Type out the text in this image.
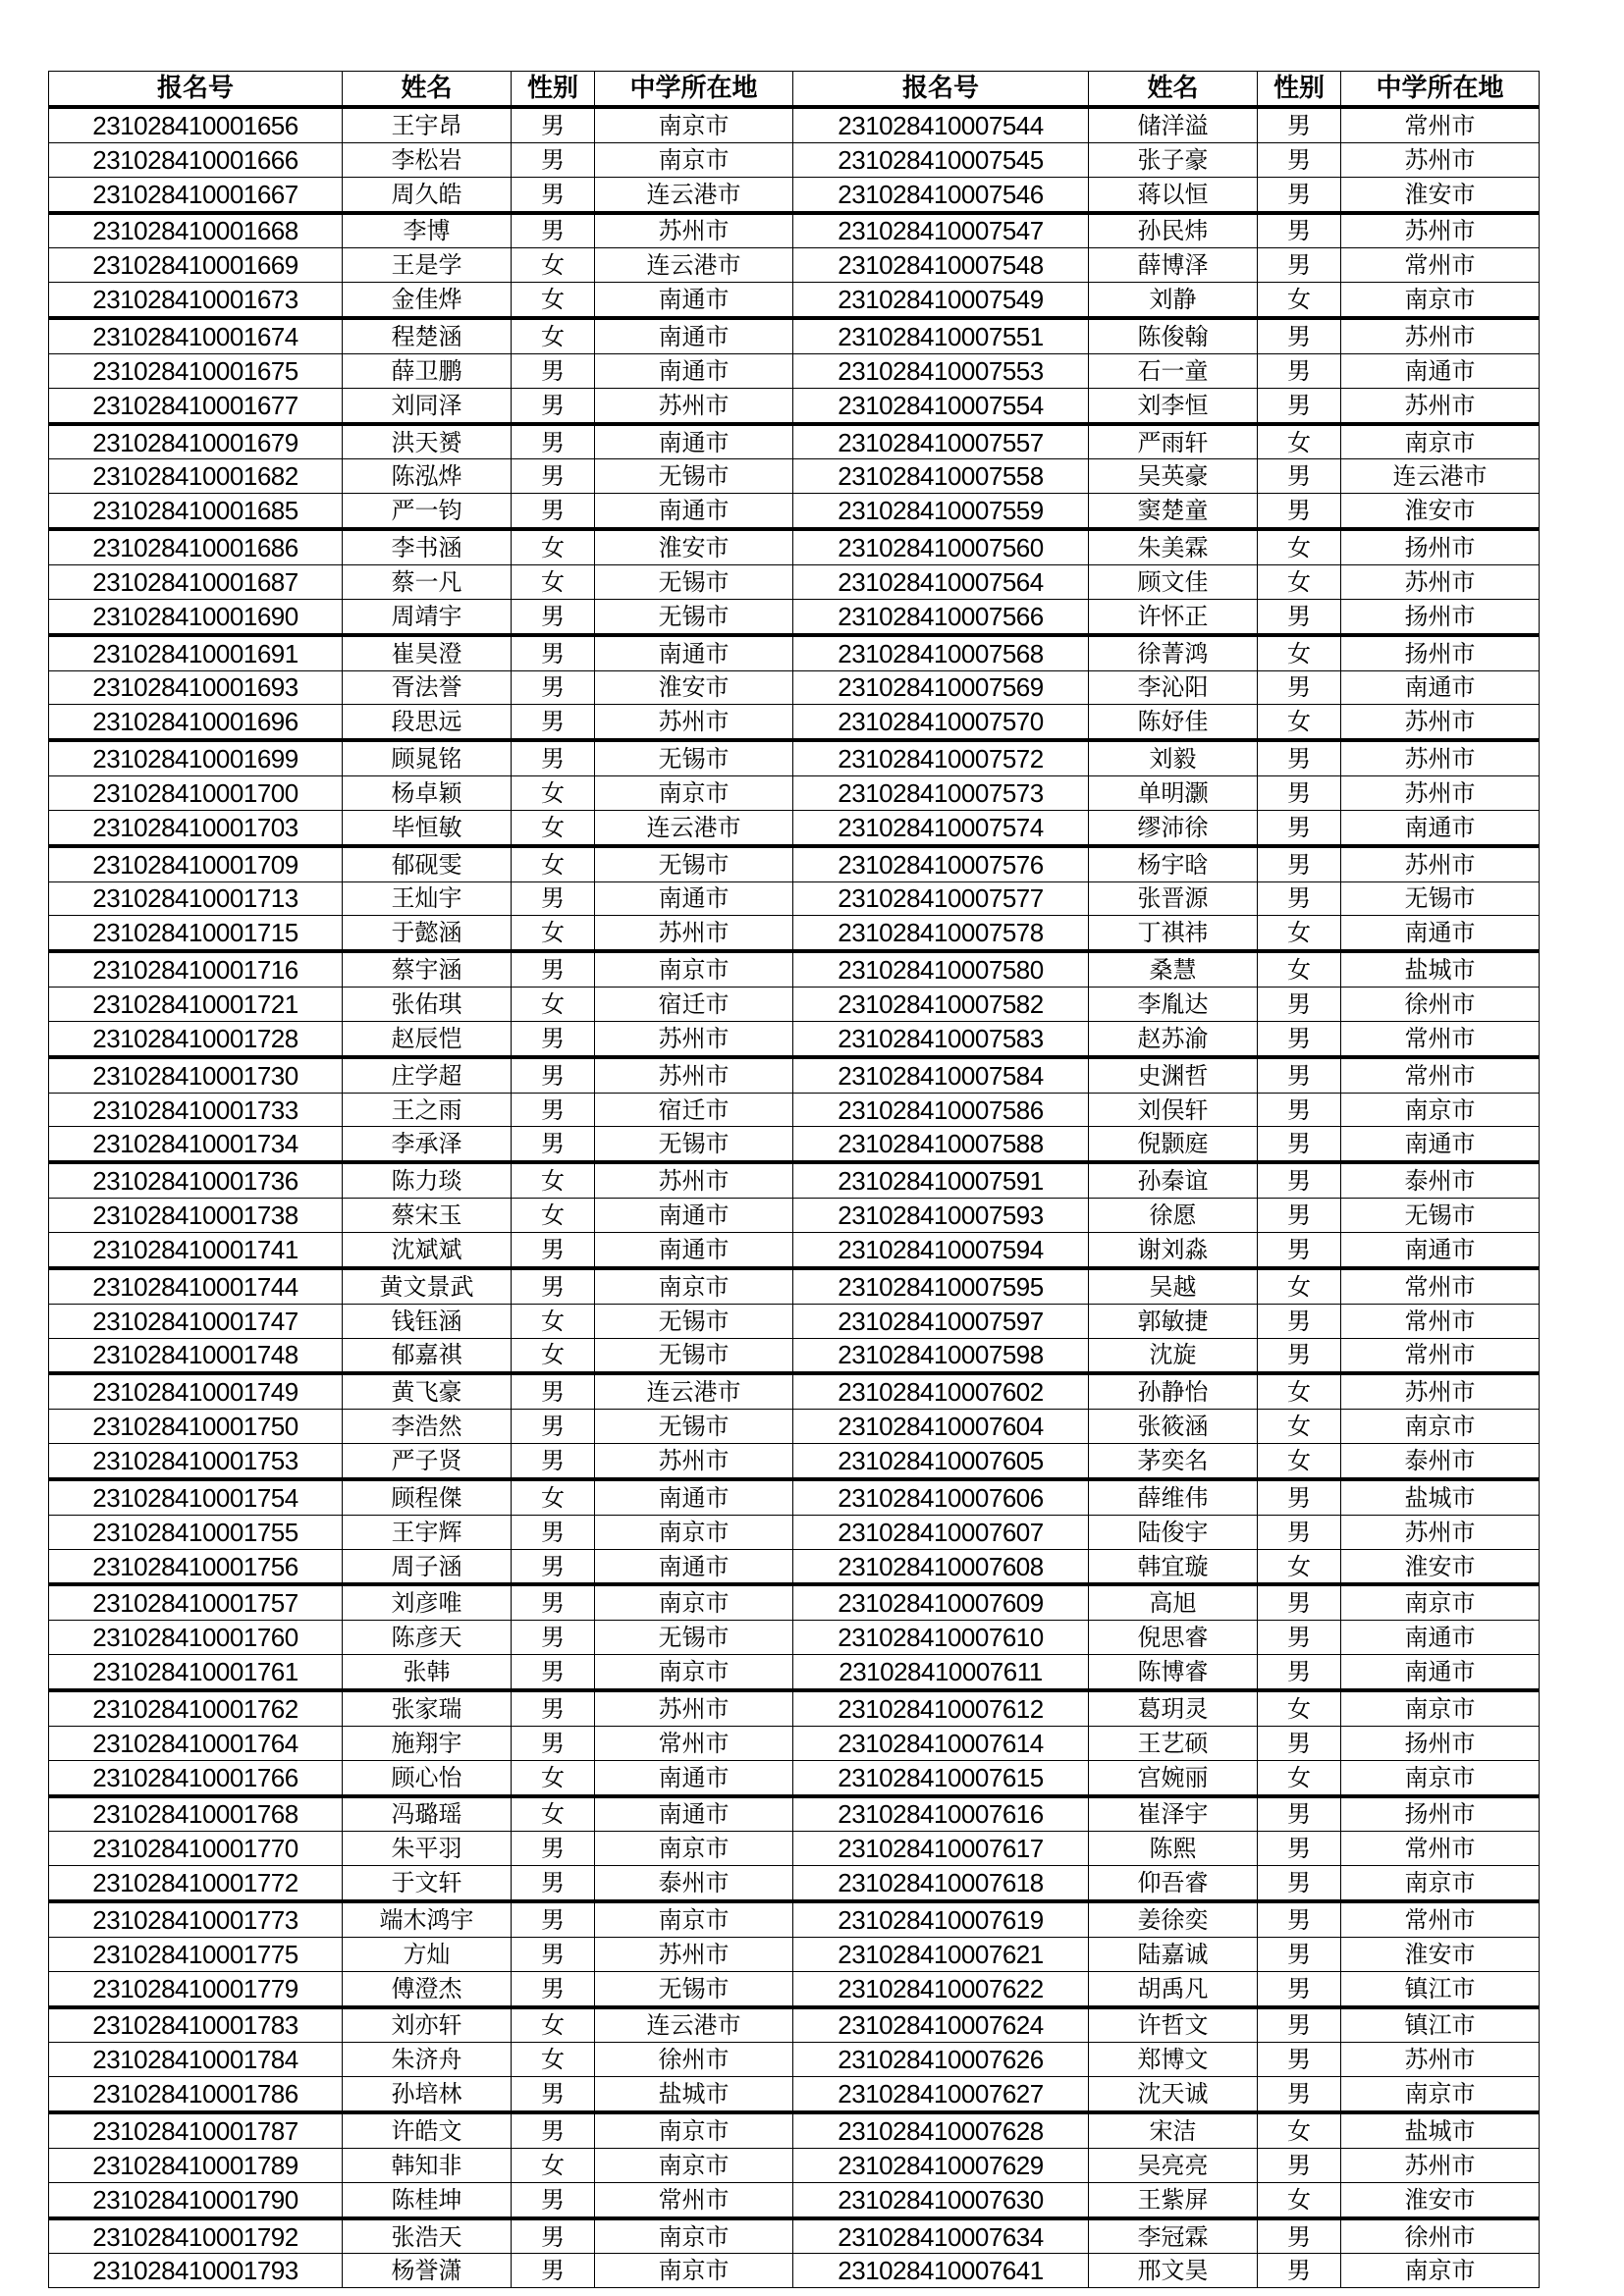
报名号	姓名	性别	中学所在地	报名号	姓名	性别	中学所在地
231028410001656	王宇昂	男	南京市	231028410007544	储洋溢	男	常州市
231028410001666	李松岩	男	南京市	231028410007545	张子豪	男	苏州市
231028410001667	周久皓	男	连云港市	231028410007546	蒋以恒	男	淮安市
231028410001668	李博	男	苏州市	231028410007547	孙民炜	男	苏州市
231028410001669	王是学	女	连云港市	231028410007548	薛博泽	男	常州市
231028410001673	金佳烨	女	南通市	231028410007549	刘静	女	南京市
231028410001674	程楚涵	女	南通市	231028410007551	陈俊翰	男	苏州市
231028410001675	薛卫鹏	男	南通市	231028410007553	石一童	男	南通市
231028410001677	刘同泽	男	苏州市	231028410007554	刘李恒	男	苏州市
231028410001679	洪天赟	男	南通市	231028410007557	严雨轩	女	南京市
231028410001682	陈泓烨	男	无锡市	231028410007558	吴英豪	男	连云港市
231028410001685	严一钧	男	南通市	231028410007559	窦楚童	男	淮安市
231028410001686	李书涵	女	淮安市	231028410007560	朱美霖	女	扬州市
231028410001687	蔡一凡	女	无锡市	231028410007564	顾文佳	女	苏州市
231028410001690	周靖宇	男	无锡市	231028410007566	许怀正	男	扬州市
231028410001691	崔昊澄	男	南通市	231028410007568	徐菁鸿	女	扬州市
231028410001693	胥法誉	男	淮安市	231028410007569	李沁阳	男	南通市
231028410001696	段思远	男	苏州市	231028410007570	陈妤佳	女	苏州市
231028410001699	顾晁铭	男	无锡市	231028410007572	刘毅	男	苏州市
231028410001700	杨卓颖	女	南京市	231028410007573	单明灏	男	苏州市
231028410001703	毕恒敏	女	连云港市	231028410007574	缪沛徐	男	南通市
231028410001709	郁砚雯	女	无锡市	231028410007576	杨宇晗	男	苏州市
231028410001713	王灿宇	男	南通市	231028410007577	张晋源	男	无锡市
231028410001715	于懿涵	女	苏州市	231028410007578	丁祺祎	女	南通市
231028410001716	蔡宇涵	男	南京市	231028410007580	桑慧	女	盐城市
231028410001721	张佑琪	女	宿迁市	231028410007582	李胤达	男	徐州市
231028410001728	赵辰恺	男	苏州市	231028410007583	赵苏渝	男	常州市
231028410001730	庄学超	男	苏州市	231028410007584	史渊哲	男	常州市
231028410001733	王之雨	男	宿迁市	231028410007586	刘俣轩	男	南京市
231028410001734	李承泽	男	无锡市	231028410007588	倪颢庭	男	南通市
231028410001736	陈力琰	女	苏州市	231028410007591	孙秦谊	男	泰州市
231028410001738	蔡宋玉	女	南通市	231028410007593	徐愿	男	无锡市
231028410001741	沈斌斌	男	南通市	231028410007594	谢刘淼	男	南通市
231028410001744	黄文景武	男	南京市	231028410007595	吴越	女	常州市
231028410001747	钱钰涵	女	无锡市	231028410007597	郭敏捷	男	常州市
231028410001748	郁嘉祺	女	无锡市	231028410007598	沈旋	男	常州市
231028410001749	黄飞豪	男	连云港市	231028410007602	孙静怡	女	苏州市
231028410001750	李浩然	男	无锡市	231028410007604	张筱涵	女	南京市
231028410001753	严子贤	男	苏州市	231028410007605	茅奕名	女	泰州市
231028410001754	顾程傑	女	南通市	231028410007606	薛维伟	男	盐城市
231028410001755	王宇辉	男	南京市	231028410007607	陆俊宇	男	苏州市
231028410001756	周子涵	男	南通市	231028410007608	韩宜璇	女	淮安市
231028410001757	刘彦唯	男	南京市	231028410007609	高旭	男	南京市
231028410001760	陈彦天	男	无锡市	231028410007610	倪思睿	男	南通市
231028410001761	张韩	男	南京市	231028410007611	陈博睿	男	南通市
231028410001762	张家瑞	男	苏州市	231028410007612	葛玥灵	女	南京市
231028410001764	施翔宇	男	常州市	231028410007614	王艺硕	男	扬州市
231028410001766	顾心怡	女	南通市	231028410007615	宫婉丽	女	南京市
231028410001768	冯璐瑶	女	南通市	231028410007616	崔泽宇	男	扬州市
231028410001770	朱平羽	男	南京市	231028410007617	陈熙	男	常州市
231028410001772	于文轩	男	泰州市	231028410007618	仰吾睿	男	南京市
231028410001773	端木鸿宇	男	南京市	231028410007619	姜徐奕	男	常州市
231028410001775	方灿	男	苏州市	231028410007621	陆嘉诚	男	淮安市
231028410001779	傅澄杰	男	无锡市	231028410007622	胡禹凡	男	镇江市
231028410001783	刘亦轩	女	连云港市	231028410007624	许哲文	男	镇江市
231028410001784	朱济舟	女	徐州市	231028410007626	郑博文	男	苏州市
231028410001786	孙培林	男	盐城市	231028410007627	沈天诚	男	南京市
231028410001787	许皓文	男	南京市	231028410007628	宋洁	女	盐城市
231028410001789	韩知非	女	南京市	231028410007629	吴亮亮	男	苏州市
231028410001790	陈桂坤	男	常州市	231028410007630	王紫屏	女	淮安市
231028410001792	张浩天	男	南京市	231028410007634	李冠霖	男	徐州市
231028410001793	杨誉潇	男	南京市	231028410007641	邢文昊	男	南京市
